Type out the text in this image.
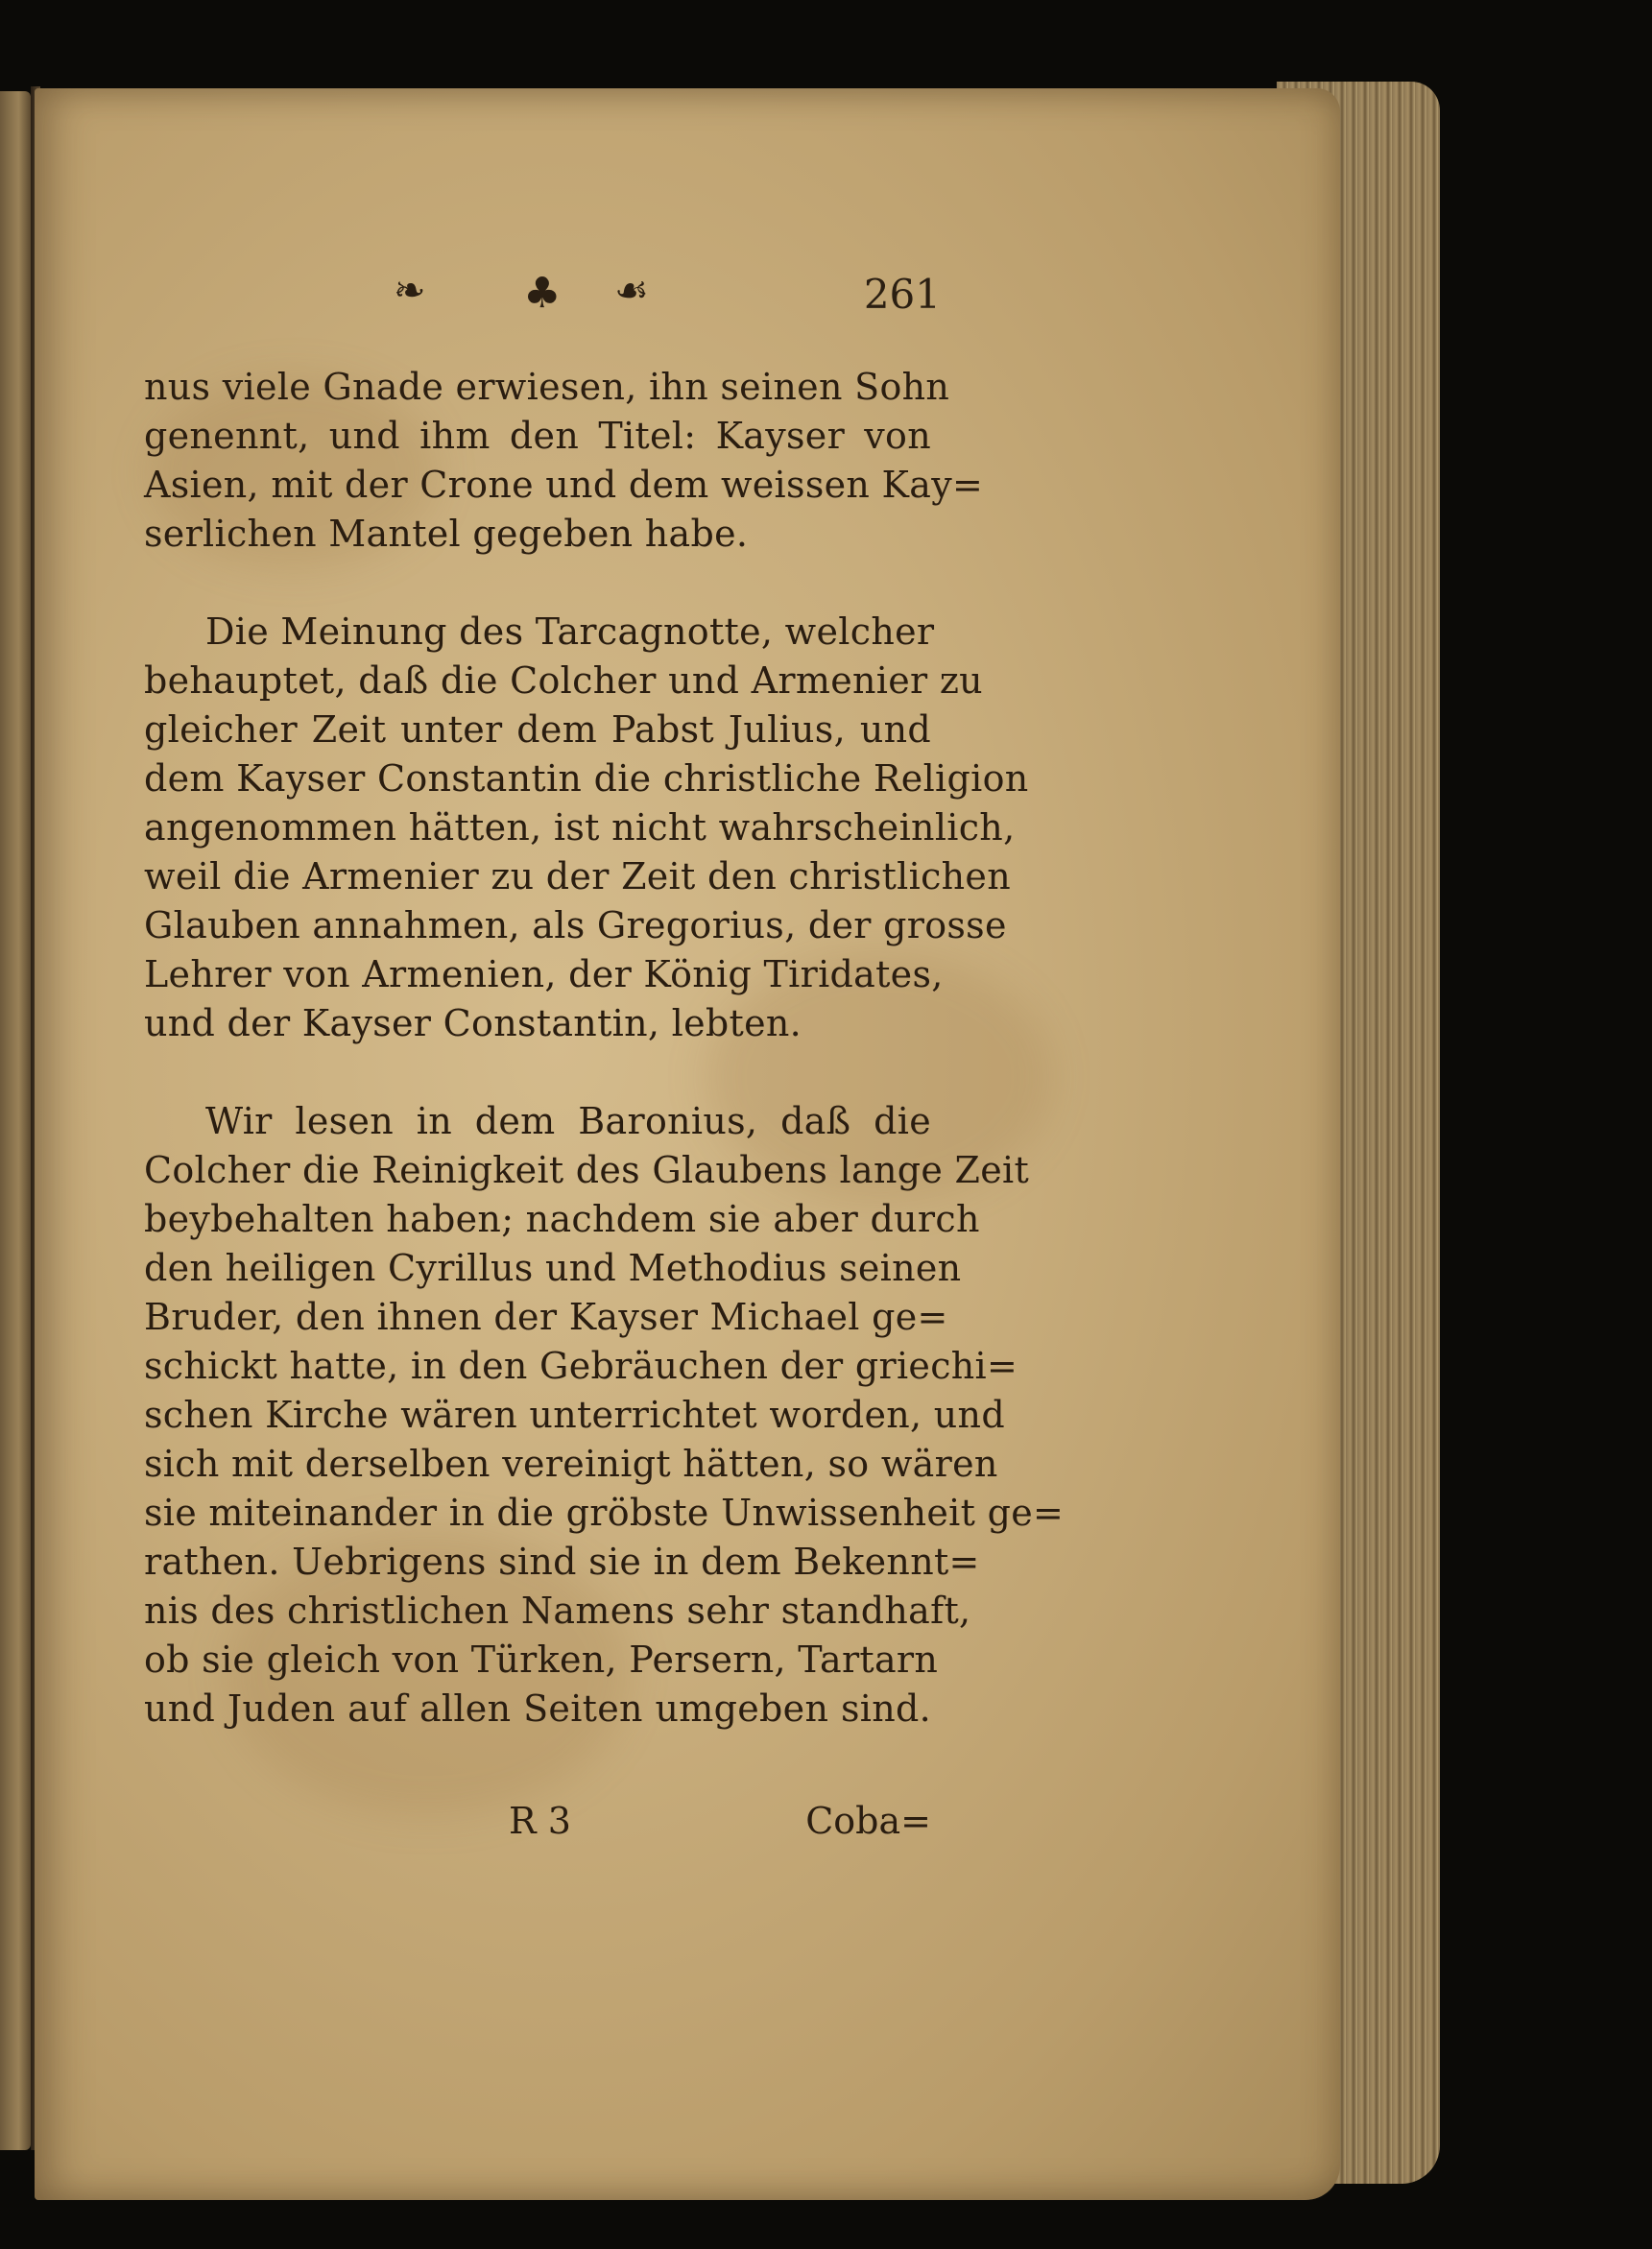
❧ ♣ ☙	261
nus viele Gnade erwiesen, ihn seinen Sohn
genennt, und ihm den Titel: Kayser von
Asien, mit der Crone und dem weissen Kay=
serlichen Mantel gegeben habe.
Die Meinung des Tarcagnotte, welcher
behauptet, daß die Colcher und Armenier zu
gleicher Zeit unter dem Pabst Julius, und
dem Kayser Constantin die christliche Religion
angenommen hätten, ist nicht wahrscheinlich,
weil die Armenier zu der Zeit den christlichen
Glauben annahmen, als Gregorius, der grosse
Lehrer von Armenien, der König Tiridates,
und der Kayser Constantin, lebten.
Wir lesen in dem Baronius, daß die
Colcher die Reinigkeit des Glaubens lange Zeit
beybehalten haben; nachdem sie aber durch
den heiligen Cyrillus und Methodius seinen
Bruder, den ihnen der Kayser Michael ge=
schickt hatte, in den Gebräuchen der griechi=
schen Kirche wären unterrichtet worden, und
sich mit derselben vereinigt hätten, so wären
sie miteinander in die gröbste Unwissenheit ge=
rathen. Uebrigens sind sie in dem Bekennt=
nis des christlichen Namens sehr standhaft,
ob sie gleich von Türken, Persern, Tartarn
und Juden auf allen Seiten umgeben sind.
R 3	Coba=
